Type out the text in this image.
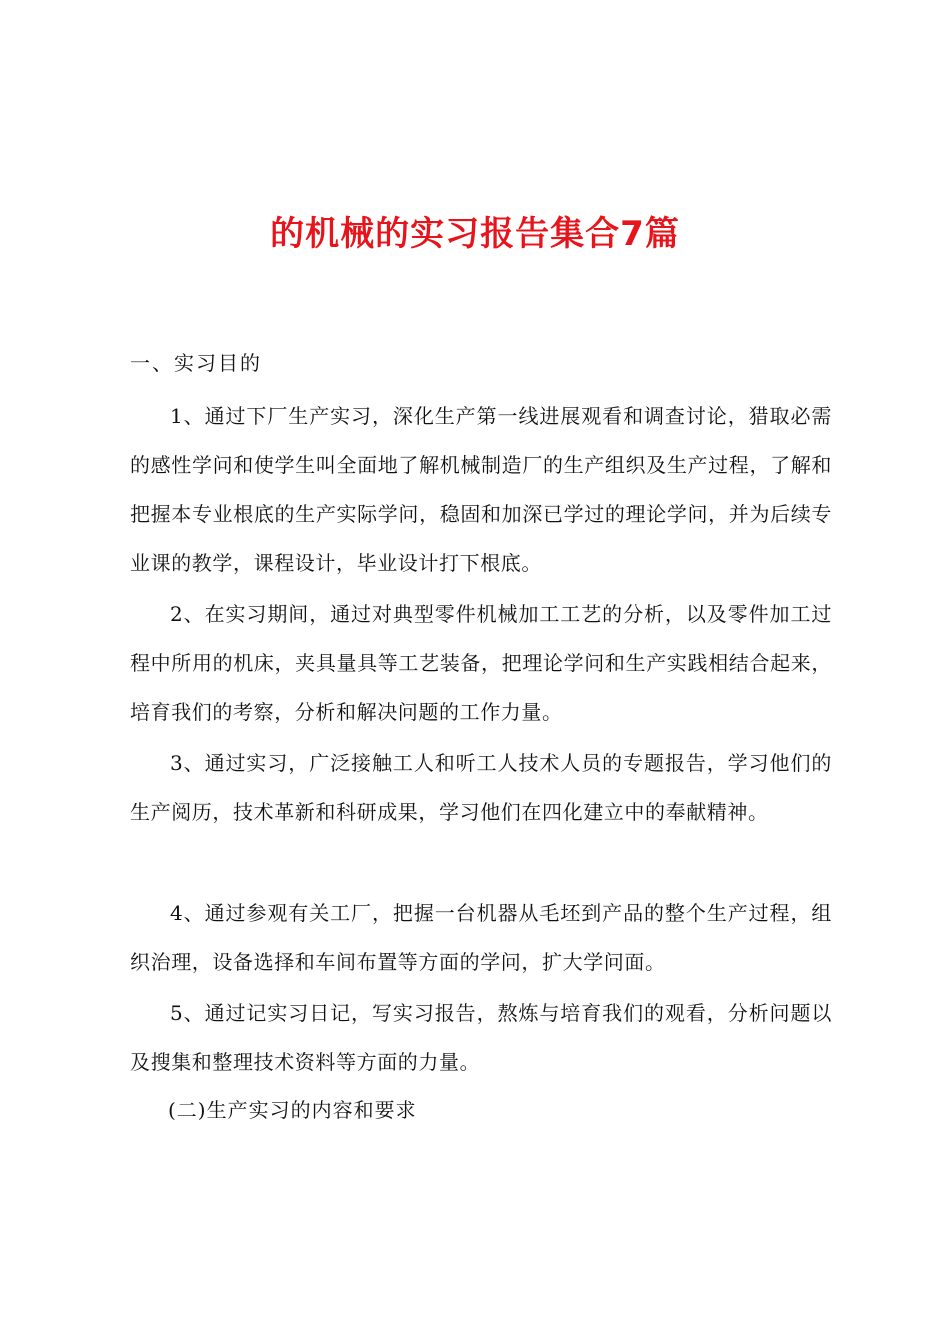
的机械的实习报告集合7篇
一、实习目的

1、通过下厂生产实习，深化生产第一线进展观看和调查讨论，猎取必需的感性学问和使学生叫全面地了解机械制造厂的生产组织及生产过程，了解和把握本专业根底的生产实际学问，稳固和加深已学过的理论学问，并为后续专业课的教学，课程设计，毕业设计打下根底。

2、在实习期间，通过对典型零件机械加工工艺的分析，以及零件加工过程中所用的机床，夹具量具等工艺装备，把理论学问和生产实践相结合起来，培育我们的考察，分析和解决问题的工作力量。

3、通过实习，广泛接触工人和听工人技术人员的专题报告，学习他们的生产阅历，技术革新和科研成果，学习他们在四化建立中的奉献精神。

4、通过参观有关工厂，把握一台机器从毛坯到产品的整个生产过程，组织治理，设备选择和车间布置等方面的学问，扩大学问面。

5、通过记实习日记，写实习报告，熬炼与培育我们的观看，分析问题以及搜集和整理技术资料等方面的力量。

(二)生产实习的内容和要求
